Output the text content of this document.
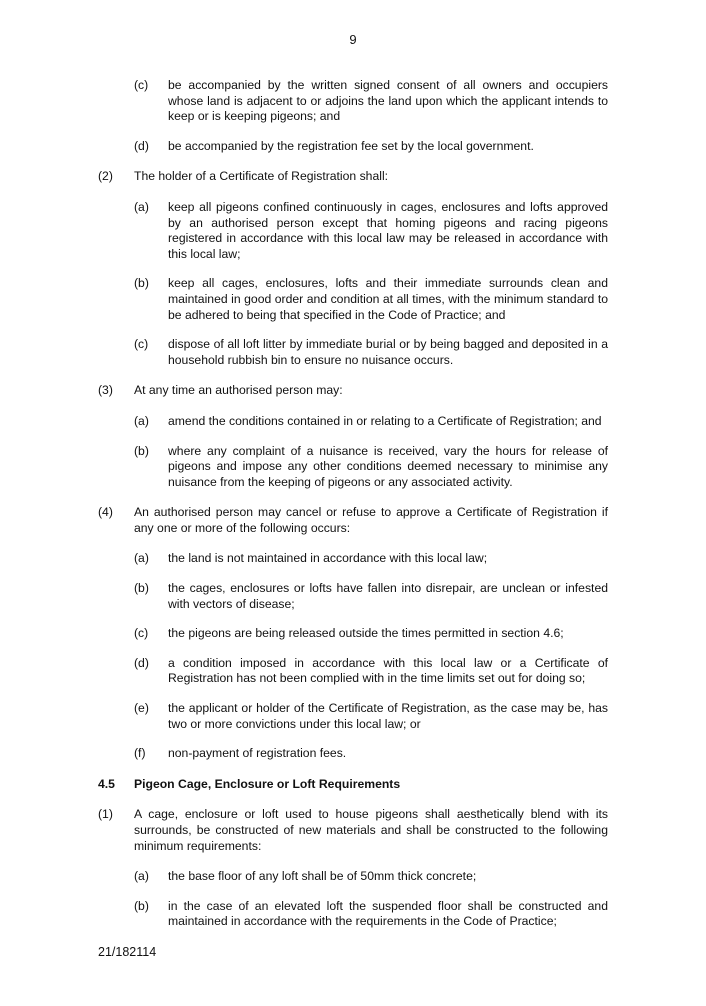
9
(c)	be accompanied by the written signed consent of all owners and occupiers whose land is adjacent to or adjoins the land upon which the applicant intends to keep or is keeping pigeons; and
(d)	be accompanied by the registration fee set by the local government.
(2)	The holder of a Certificate of Registration shall:
(a)	keep all pigeons confined continuously in cages, enclosures and lofts approved by an authorised person except that homing pigeons and racing pigeons registered in accordance with this local law may be released in accordance with this local law;
(b)	keep all cages, enclosures, lofts and their immediate surrounds clean and maintained in good order and condition at all times, with the minimum standard to be adhered to being that specified in the Code of Practice; and
(c)	dispose of all loft litter by immediate burial or by being bagged and deposited in a household rubbish bin to ensure no nuisance occurs.
(3)	At any time an authorised person may:
(a)	amend the conditions contained in or relating to a Certificate of Registration; and
(b)	where any complaint of a nuisance is received, vary the hours for release of pigeons and impose any other conditions deemed necessary to minimise any nuisance from the keeping of pigeons or any associated activity.
(4)	An authorised person may cancel or refuse to approve a Certificate of Registration if any one or more of the following occurs:
(a)	the land is not maintained in accordance with this local law;
(b)	the cages, enclosures or lofts have fallen into disrepair, are unclean or infested with vectors of disease;
(c)	the pigeons are being released outside the times permitted in section 4.6;
(d)	a condition imposed in accordance with this local law or a Certificate of Registration has not been complied with in the time limits set out for doing so;
(e)	the applicant or holder of the Certificate of Registration, as the case may be, has two or more convictions under this local law; or
(f)	non-payment of registration fees.
4.5	Pigeon Cage, Enclosure or Loft Requirements
(1)	A cage, enclosure or loft used to house pigeons shall aesthetically blend with its surrounds, be constructed of new materials and shall be constructed to the following minimum requirements:
(a)	the base floor of any loft shall be of 50mm thick concrete;
(b)	in the case of an elevated loft the suspended floor shall be constructed and maintained in accordance with the requirements in the Code of Practice;
21/182114
